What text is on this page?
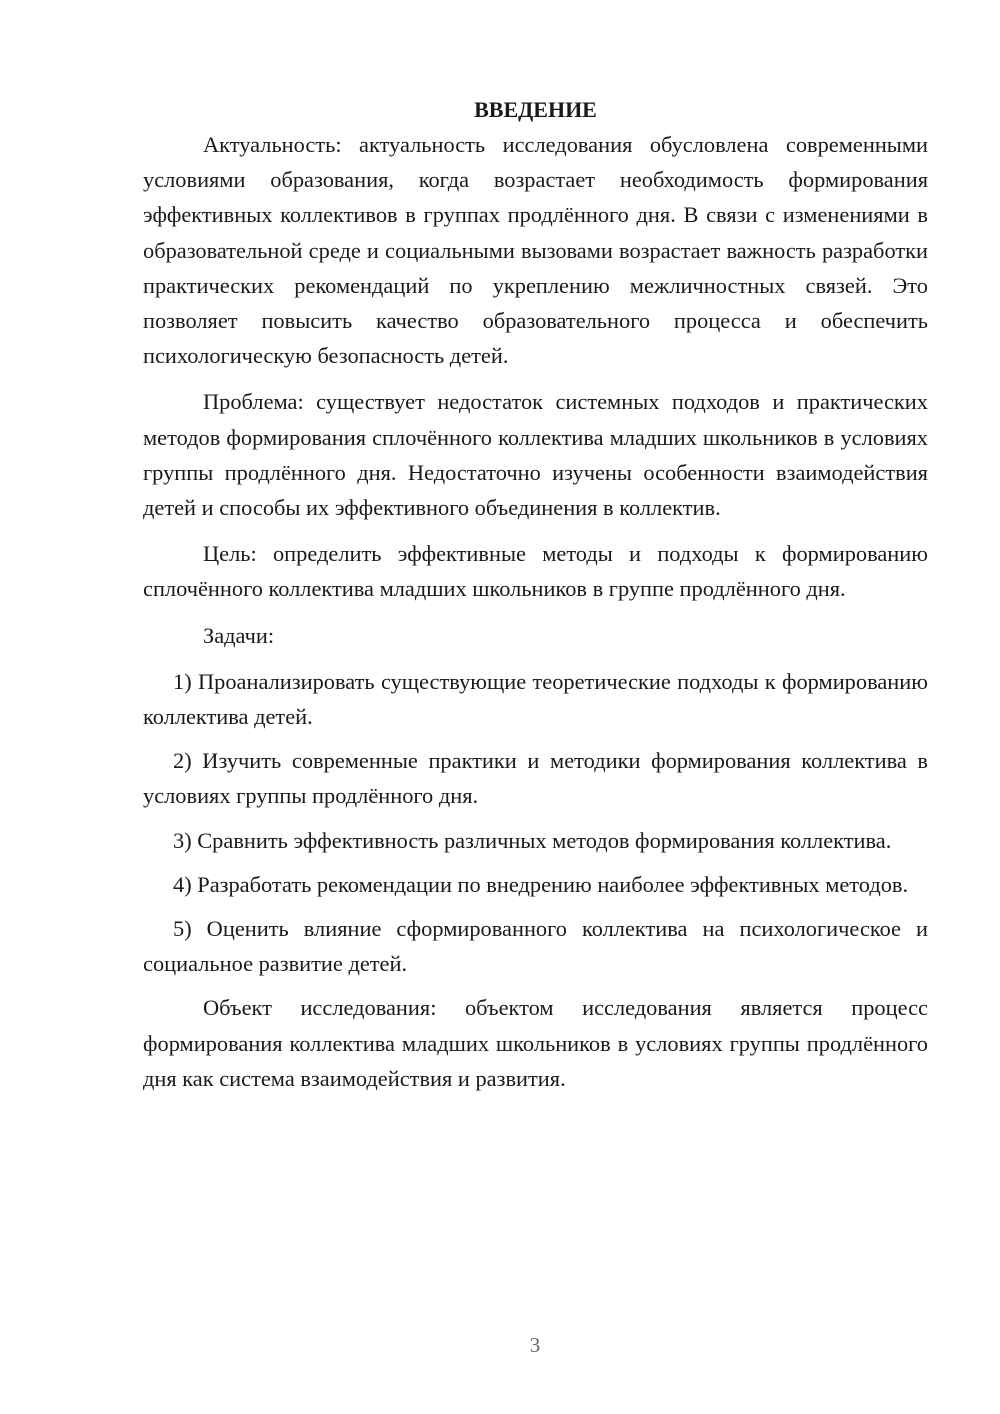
ВВЕДЕНИЕ

Актуальность: актуальность исследования обусловлена современными условиями образования, когда возрастает необходимость формирования эффективных коллективов в группах продлённого дня. В связи с изменениями в образовательной среде и социальными вызовами возрастает важность разработки практических рекомендаций по укреплению межличностных связей. Это позволяет повысить качество образовательного процесса и обеспечить психологическую безопасность детей.

Проблема: существует недостаток системных подходов и практических методов формирования сплочённого коллектива младших школьников в условиях группы продлённого дня. Недостаточно изучены особенности взаимодействия детей и способы их эффективного объединения в коллектив.

Цель: определить эффективные методы и подходы к формированию сплочённого коллектива младших школьников в группе продлённого дня.

Задачи:

1) Проанализировать существующие теоретические подходы к формированию коллектива детей.

2) Изучить современные практики и методики формирования коллектива в условиях группы продлённого дня.

3) Сравнить эффективность различных методов формирования коллектива.

4) Разработать рекомендации по внедрению наиболее эффективных методов.

5) Оценить влияние сформированного коллектива на психологическое и социальное развитие детей.

Объект исследования: объектом исследования является процесс формирования коллектива младших школьников в условиях группы продлённого дня как система взаимодействия и развития.

3
